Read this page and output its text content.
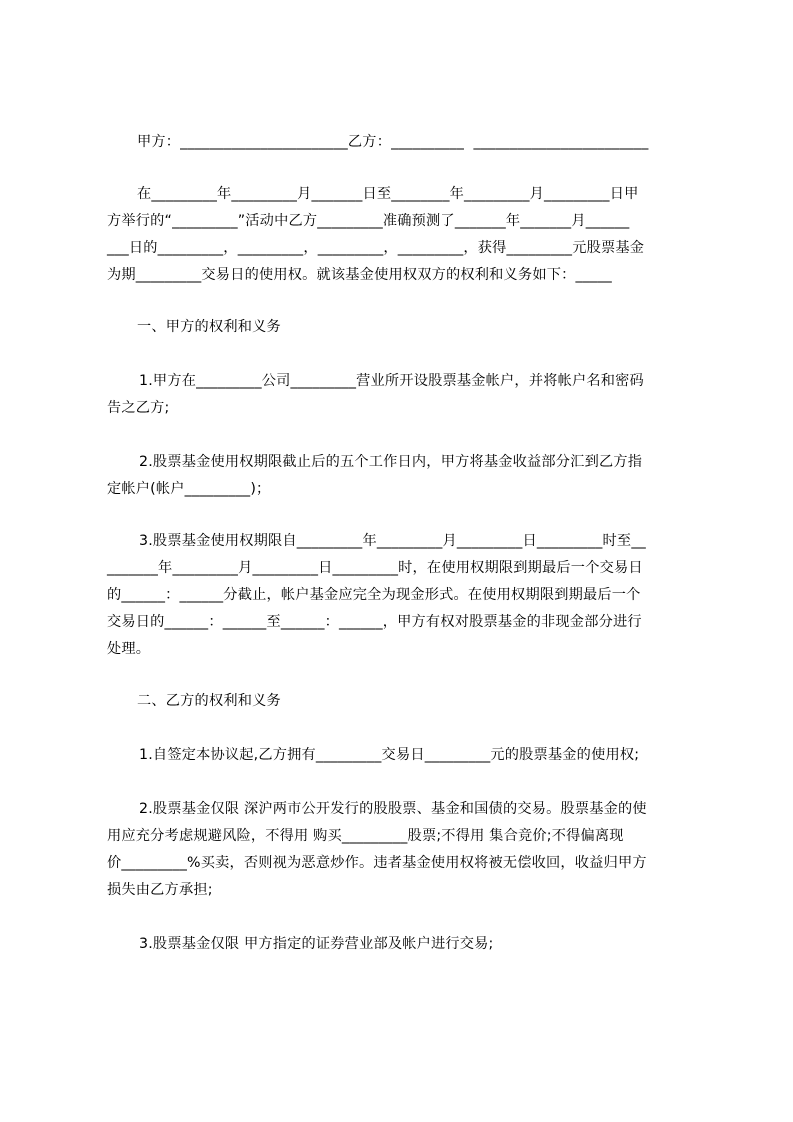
甲方：_______________________乙方：__________  ________________________
在_________年_________月_______日至________年_________月_________日甲
方举行的“_________”活动中乙方_________准确预测了_______年_______月______
___日的_________，_________，_________，_________，获得_________元股票基金
为期_________交易日的使用权。就该基金使用权双方的权利和义务如下：_____
一、甲方的权利和义务
1.甲方在_________公司_________营业所开设股票基金帐户，并将帐户名和密码
告之乙方;
2.股票基金使用权期限截止后的五个工作日内，甲方将基金收益部分汇到乙方指
定帐户(帐户_________)；
3.股票基金使用权期限自_________年_________月_________日_________时至__
_______年_________月_________日_________时，在使用权期限到期最后一个交易日
的______：______分截止，帐户基金应完全为现金形式。在使用权期限到期最后一个
交易日的______：______至______：______，甲方有权对股票基金的非现金部分进行
处理。
二、乙方的权利和义务
1.自签定本协议起,乙方拥有_________交易日_________元的股票基金的使用权;
2.股票基金仅限 深沪两市公开发行的股股票、基金和国债的交易。股票基金的使
用应充分考虑规避风险，不得用 购买_________股票;不得用 集合竞价;不得偏离现
价_________%买卖，否则视为恶意炒作。违者基金使用权将被无偿收回，收益归甲方
损失由乙方承担;
3.股票基金仅限 甲方指定的证券营业部及帐户进行交易;
